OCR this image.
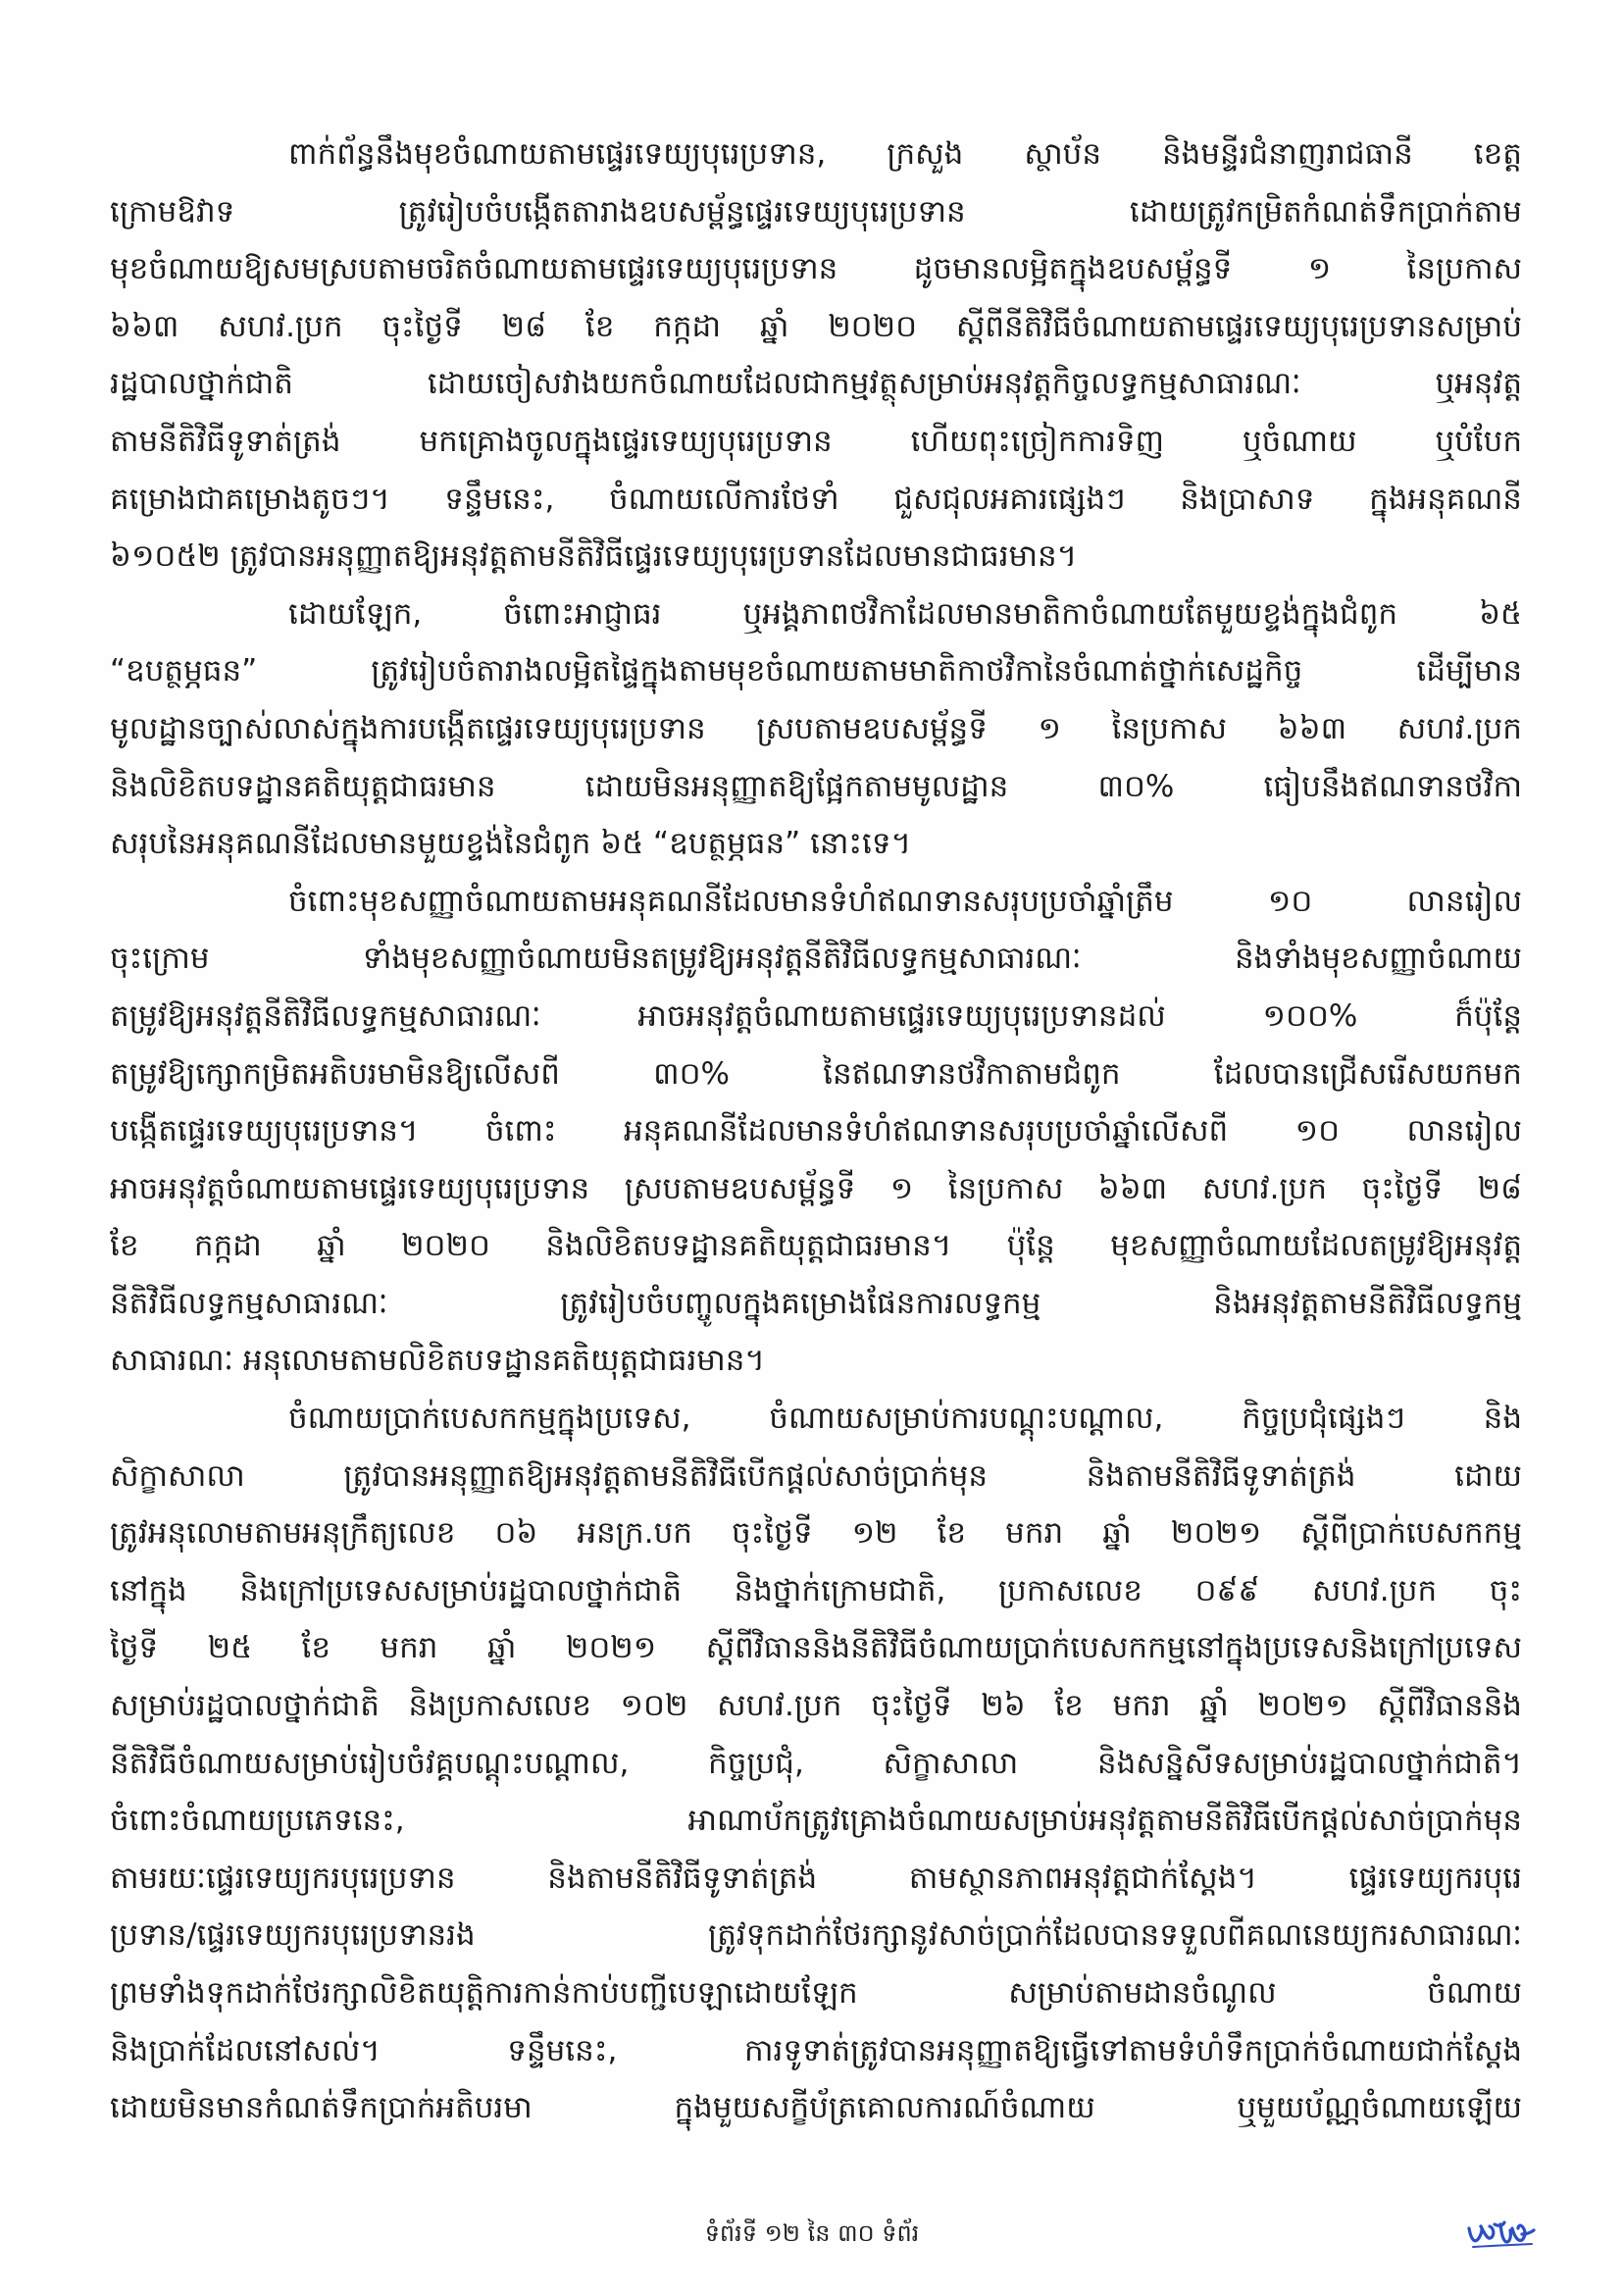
ពាក់ព័ន្ធនឹងមុខចំណាយតាមផ្ទេរទេយ្យបុរេប្រទាន, ក្រសួង ស្ថាប័ន និងមន្ទីរជំនាញរាជធានី ខេត្ត
ក្រោមឱវាទ ត្រូវរៀបចំបង្កើតតារាងឧបសម្ព័ន្ធផ្ទេរទេយ្យបុរេប្រទាន ដោយត្រូវកម្រិតកំណត់ទឹកប្រាក់តាម
មុខចំណាយឱ្យសមស្របតាមចរិតចំណាយតាមផ្ទេរទេយ្យបុរេប្រទាន ដូចមានលម្អិតក្នុងឧបសម្ព័ន្ធទី ១ នៃប្រកាស
៦៦៣ សហវ.ប្រក ចុះថ្ងៃទី ២៨ ខែ កក្កដា ឆ្នាំ ២០២០ ស្តីពីនីតិវិធីចំណាយតាមផ្ទេរទេយ្យបុរេប្រទានសម្រាប់
រដ្ឋបាលថ្នាក់ជាតិ ដោយចៀសវាងយកចំណាយដែលជាកម្មវត្ថុសម្រាប់អនុវត្តកិច្ចលទ្ធកម្មសាធារណៈ ឬអនុវត្ត
តាមនីតិវិធីទូទាត់ត្រង់ មកគ្រោងចូលក្នុងផ្ទេរទេយ្យបុរេប្រទាន ហើយពុះច្រៀកការទិញ ឬចំណាយ ឬបំបែក
គម្រោងជាគម្រោងតូចៗ។ ទន្ទឹមនេះ, ចំណាយលើការថែទាំ ជួសជុលអគារផ្សេងៗ និងប្រាសាទ ក្នុងអនុគណនី
៦១០៥២ ត្រូវបានអនុញ្ញាតឱ្យអនុវត្តតាមនីតិវិធីផ្ទេរទេយ្យបុរេប្រទានដែលមានជាធរមាន។
ដោយឡែក, ចំពោះអាជ្ញាធរ ឬអង្គភាពថវិកាដែលមានមាតិកាចំណាយតែមួយខ្ទង់ក្នុងជំពូក ៦៥
“ឧបត្ថម្ភធន” ត្រូវរៀបចំតារាងលម្អិតផ្ទៃក្នុងតាមមុខចំណាយតាមមាតិកាថវិកានៃចំណាត់ថ្នាក់សេដ្ឋកិច្ច ដើម្បីមាន
មូលដ្ឋានច្បាស់លាស់ក្នុងការបង្កើតផ្ទេរទេយ្យបុរេប្រទាន ស្របតាមឧបសម្ព័ន្ធទី ១ នៃប្រកាស ៦៦៣ សហវ.ប្រក
និងលិខិតបទដ្ឋានគតិយុត្តជាធរមាន ដោយមិនអនុញ្ញាតឱ្យផ្អែកតាមមូលដ្ឋាន ៣០% ធៀបនឹងឥណទានថវិកា
សរុបនៃអនុគណនីដែលមានមួយខ្ទង់នៃជំពូក ៦៥ “ឧបត្ថម្ភធន” នោះទេ។
ចំពោះមុខសញ្ញាចំណាយតាមអនុគណនីដែលមានទំហំឥណទានសរុបប្រចាំឆ្នាំត្រឹម ១០ លានរៀល
ចុះក្រោម ទាំងមុខសញ្ញាចំណាយមិនតម្រូវឱ្យអនុវត្តនីតិវិធីលទ្ធកម្មសាធារណៈ និងទាំងមុខសញ្ញាចំណាយ
តម្រូវឱ្យអនុវត្តនីតិវិធីលទ្ធកម្មសាធារណៈ អាចអនុវត្តចំណាយតាមផ្ទេរទេយ្យបុរេប្រទានដល់ ១០០% ក៏ប៉ុន្តែ
តម្រូវឱ្យក្សោកម្រិតអតិបរមាមិនឱ្យលើសពី ៣០% នៃឥណទានថវិកាតាមជំពូក ដែលបានជ្រើសរើសយកមក
បង្កើតផ្ទេរទេយ្យបុរេប្រទាន។ ចំពោះ អនុគណនីដែលមានទំហំឥណទានសរុបប្រចាំឆ្នាំលើសពី ១០ លានរៀល
អាចអនុវត្តចំណាយតាមផ្ទេរទេយ្យបុរេប្រទាន ស្របតាមឧបសម្ព័ន្ធទី ១ នៃប្រកាស ៦៦៣ សហវ.ប្រក ចុះថ្ងៃទី ២៨
ខែ កក្កដា ឆ្នាំ ២០២០ និងលិខិតបទដ្ឋានគតិយុត្តជាធរមាន។ ប៉ុន្តែ មុខសញ្ញាចំណាយដែលតម្រូវឱ្យអនុវត្ត
នីតិវិធីលទ្ធកម្មសាធារណៈ ត្រូវរៀបចំបញ្ចូលក្នុងគម្រោងផែនការលទ្ធកម្ម និងអនុវត្តតាមនីតិវិធីលទ្ធកម្ម
សាធារណៈ អនុលោមតាមលិខិតបទដ្ឋានគតិយុត្តជាធរមាន។
ចំណាយប្រាក់បេសកកម្មក្នុងប្រទេស, ចំណាយសម្រាប់ការបណ្តុះបណ្តាល, កិច្ចប្រជុំផ្សេងៗ និង
សិក្ខាសាលា ត្រូវបានអនុញ្ញាតឱ្យអនុវត្តតាមនីតិវិធីបើកផ្តល់សាច់ប្រាក់មុន និងតាមនីតិវិធីទូទាត់ត្រង់ ដោយ
ត្រូវអនុលោមតាមអនុក្រឹត្យលេខ ០៦ អនក្រ.បក ចុះថ្ងៃទី ១២ ខែ មករា ឆ្នាំ ២០២១ ស្តីពីប្រាក់បេសកកម្ម
នៅក្នុង និងក្រៅប្រទេសសម្រាប់រដ្ឋបាលថ្នាក់ជាតិ និងថ្នាក់ក្រោមជាតិ, ប្រកាសលេខ ០៩៩ សហវ.ប្រក ចុះ
ថ្ងៃទី ២៥ ខែ មករា ឆ្នាំ ២០២១ ស្តីពីវិធាននិងនីតិវិធីចំណាយប្រាក់បេសកកម្មនៅក្នុងប្រទេសនិងក្រៅប្រទេស
សម្រាប់រដ្ឋបាលថ្នាក់ជាតិ និងប្រកាសលេខ ១០២ សហវ.ប្រក ចុះថ្ងៃទី ២៦ ខែ មករា ឆ្នាំ ២០២១ ស្តីពីវិធាននិង
នីតិវិធីចំណាយសម្រាប់រៀបចំវគ្គបណ្តុះបណ្តាល, កិច្ចប្រជុំ, សិក្ខាសាលា និងសន្និសីទសម្រាប់រដ្ឋបាលថ្នាក់ជាតិ។
ចំពោះចំណាយប្រភេទនេះ, អាណាប័កត្រូវគ្រោងចំណាយសម្រាប់អនុវត្តតាមនីតិវិធីបើកផ្តល់សាច់ប្រាក់មុន
តាមរយៈផ្ទេរទេយ្យករបុរេប្រទាន និងតាមនីតិវិធីទូទាត់ត្រង់ តាមស្ថានភាពអនុវត្តជាក់ស្តែង។ ផ្ទេរទេយ្យករបុរេ
ប្រទាន/ផ្ទេរទេយ្យករបុរេប្រទានរង ត្រូវទុកដាក់ថែរក្សានូវសាច់ប្រាក់ដែលបានទទួលពីគណនេយ្យករសាធារណៈ
ព្រមទាំងទុកដាក់ថែរក្សាលិខិតយុត្តិការកាន់កាប់បញ្ជីបេឡាដោយឡែក សម្រាប់តាមដានចំណូល ចំណាយ
និងប្រាក់ដែលនៅសល់។ ទន្ទឹមនេះ, ការទូទាត់ត្រូវបានអនុញ្ញាតឱ្យធ្វើទៅតាមទំហំទឹកប្រាក់ចំណាយជាក់ស្តែង
ដោយមិនមានកំណត់ទឹកប្រាក់អតិបរមា ក្នុងមួយសក្ខីប័ត្រគោលការណ៍ចំណាយ ឬមួយប័ណ្ណចំណាយឡើយ
ទំព័រទី ១២ នៃ ៣០ ទំព័រ
